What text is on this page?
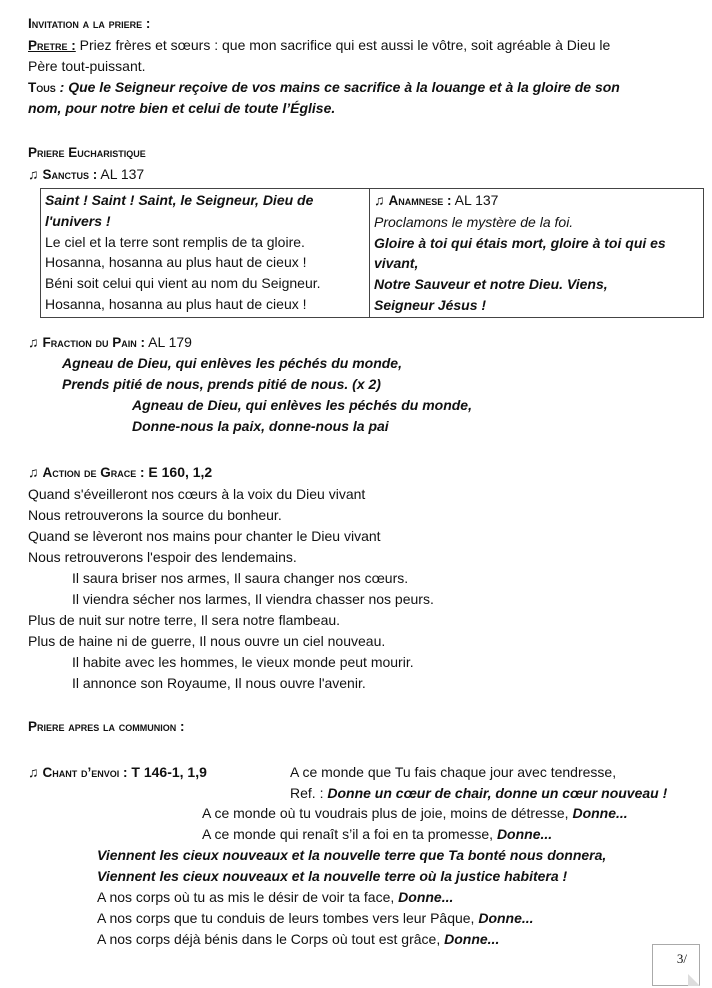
Invitation a la priere :
Pretre : Priez frères et sœurs : que mon sacrifice qui est aussi le vôtre, soit agréable à Dieu le
Père tout-puissant.
Tous : Que le Seigneur reçoive de vos mains ce sacrifice à la louange et à la gloire de son
nom, pour notre bien et celui de toute l’Église.
Priere Eucharistique
♫ Sanctus : AL 137
Saint ! Saint ! Saint, le Seigneur, Dieu de
l'univers !
Le ciel et la terre sont remplis de ta gloire.
Hosanna, hosanna au plus haut de cieux !
Béni soit celui qui vient au nom du Seigneur.
Hosanna, hosanna au plus haut de cieux !

♫ Anamnese : AL 137
Proclamons le mystère de la foi.
Gloire à toi qui étais mort, gloire à toi qui es
vivant,
Notre Sauveur et notre Dieu. Viens,
Seigneur Jésus !
♫ Fraction du Pain : AL 179
Agneau de Dieu, qui enlèves les péchés du monde,
Prends pitié de nous, prends pitié de nous. (x 2)
Agneau de Dieu, qui enlèves les péchés du monde,
Donne-nous la paix, donne-nous la pai
♫ Action de Grace : E 160, 1,2
Quand s'éveilleront nos cœurs à la voix du Dieu vivant
Nous retrouverons la source du bonheur.
Quand se lèveront nos mains pour chanter le Dieu vivant
Nous retrouverons l'espoir des lendemains.
Il saura briser nos armes, Il saura changer nos cœurs.
Il viendra sécher nos larmes, Il viendra chasser nos peurs.
Plus de nuit sur notre terre, Il sera notre flambeau.
Plus de haine ni de guerre, Il nous ouvre un ciel nouveau.
Il habite avec les hommes, le vieux monde peut mourir.
Il annonce son Royaume, Il nous ouvre l'avenir.
Priere apres la communion :
♫ Chant d’envoi : T 146-1, 1,9	A ce monde que Tu fais chaque jour avec tendresse,
Ref. : Donne un cœur de chair, donne un cœur nouveau !
A ce monde où tu voudrais plus de joie, moins de détresse, Donne...
A ce monde qui renaît s’il a foi en ta promesse, Donne...
Viennent les cieux nouveaux et la nouvelle terre que Ta bonté nous donnera,
Viennent les cieux nouveaux et la nouvelle terre où la justice habitera !
A nos corps où tu as mis le désir de voir ta face, Donne...
A nos corps que tu conduis de leurs tombes vers leur Pâque, Donne...
A nos corps déjà bénis dans le Corps où tout est grâce, Donne...
3/
